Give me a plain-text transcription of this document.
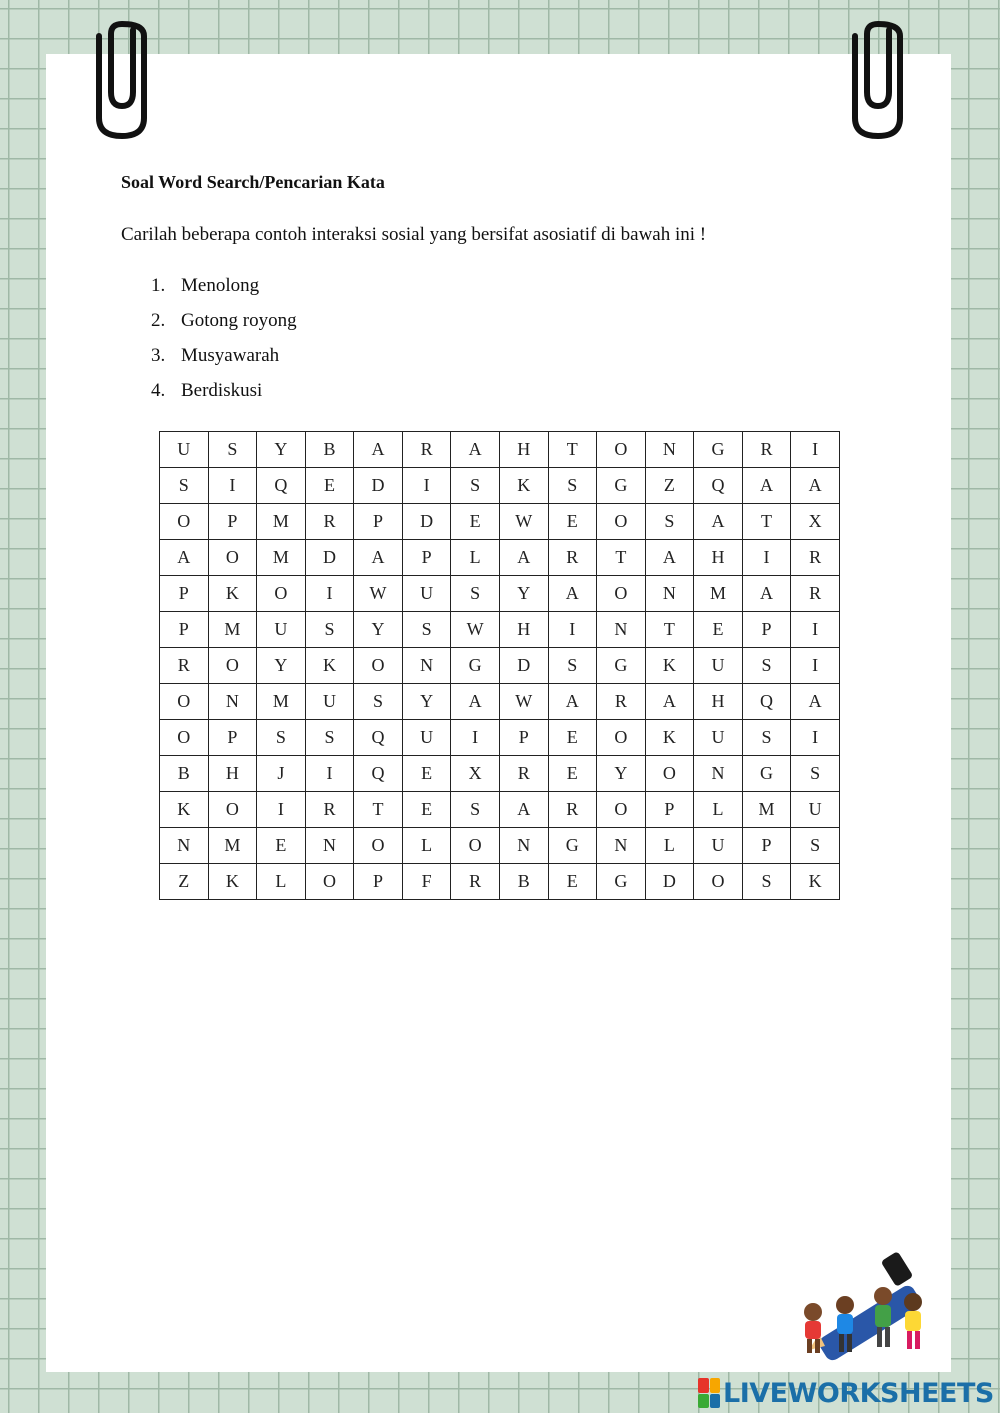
Soal Word Search/Pencarian Kata
Carilah beberapa contoh interaksi sosial yang bersifat asosiatif di bawah ini !
1. Menolong
2. Gotong royong
3. Musyawarah
4. Berdiskusi
U	S	Y	B	A	R	A	H	T	O	N	G	R	I
S	I	Q	E	D	I	S	K	S	G	Z	Q	A	A
O	P	M	R	P	D	E	W	E	O	S	A	T	X
A	O	M	D	A	P	L	A	R	T	A	H	I	R
P	K	O	I	W	U	S	Y	A	O	N	M	A	R
P	M	U	S	Y	S	W	H	I	N	T	E	P	I
R	O	Y	K	O	N	G	D	S	G	K	U	S	I
O	N	M	U	S	Y	A	W	A	R	A	H	Q	A
O	P	S	S	Q	U	I	P	E	O	K	U	S	I
B	H	J	I	Q	E	X	R	E	Y	O	N	G	S
K	O	I	R	T	E	S	A	R	O	P	L	M	U
N	M	E	N	O	L	O	N	G	N	L	U	P	S
Z	K	L	O	P	F	R	B	E	G	D	O	S	K
LIVEWORKSHEETS
